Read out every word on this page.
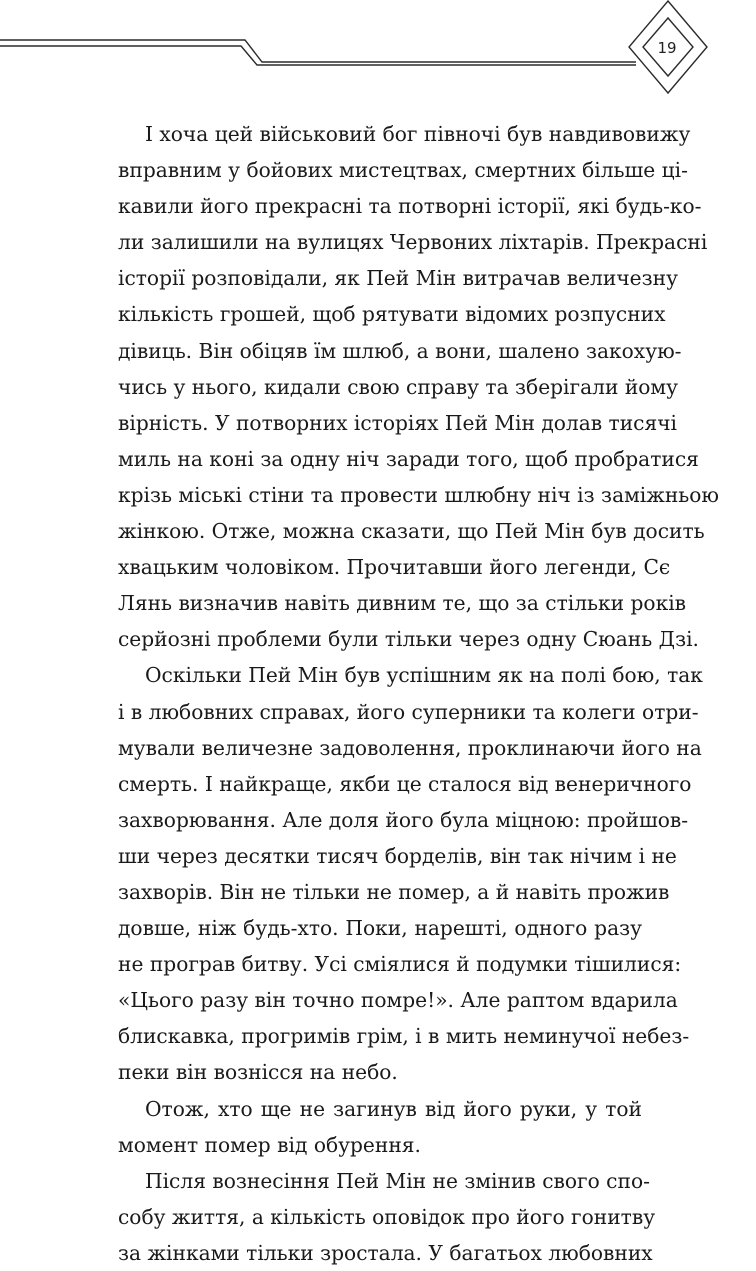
19

І хоча цей військовий бог півночі був навдивовижу
вправним у бойових мистецтвах, смертних більше ці-
кавили його прекрасні та потворні історії, які будь-ко-
ли залишили на вулицях Червоних ліхтарів. Прекрасні
історії розповідали, як Пей Мін витрачав величезну
кількість грошей, щоб рятувати відомих розпусних
дівиць. Він обіцяв їм шлюб, а вони, шалено закохую-
чись у нього, кидали свою справу та зберігали йому
вірність. У потворних історіях Пей Мін долав тисячі
миль на коні за одну ніч заради того, щоб пробратися
крізь міські стіни та провести шлюбну ніч із заміжньою
жінкою. Отже, можна сказати, що Пей Мін був досить
хвацьким чоловіком. Прочитавши його легенди, Сє
Лянь визначив навіть дивним те, що за стільки років
серйозні проблеми були тільки через одну Сюань Дзі.

Оскільки Пей Мін був успішним як на полі бою, так
і в любовних справах, його суперники та колеги отри-
мували величезне задоволення, проклинаючи його на
смерть. І найкраще, якби це сталося від венеричного
захворювання. Але доля його була міцною: пройшов-
ши через десятки тисяч борделів, він так нічим і не
захворів. Він не тільки не помер, а й навіть прожив
довше, ніж будь-хто. Поки, нарешті, одного разу
не програв битву. Усі сміялися й подумки тішилися:
«Цього разу він точно помре!». Але раптом вдарила
блискавка, прогримів грім, і в мить неминучої небез-
пеки він вознісся на небо.

Отож, хто ще не загинув від його руки, у той
момент помер від обурення.

Після вознесіння Пей Мін не змінив свого спо-
собу життя, а кількість оповідок про його гонитву
за жінками тільки зростала. У багатьох любовних
